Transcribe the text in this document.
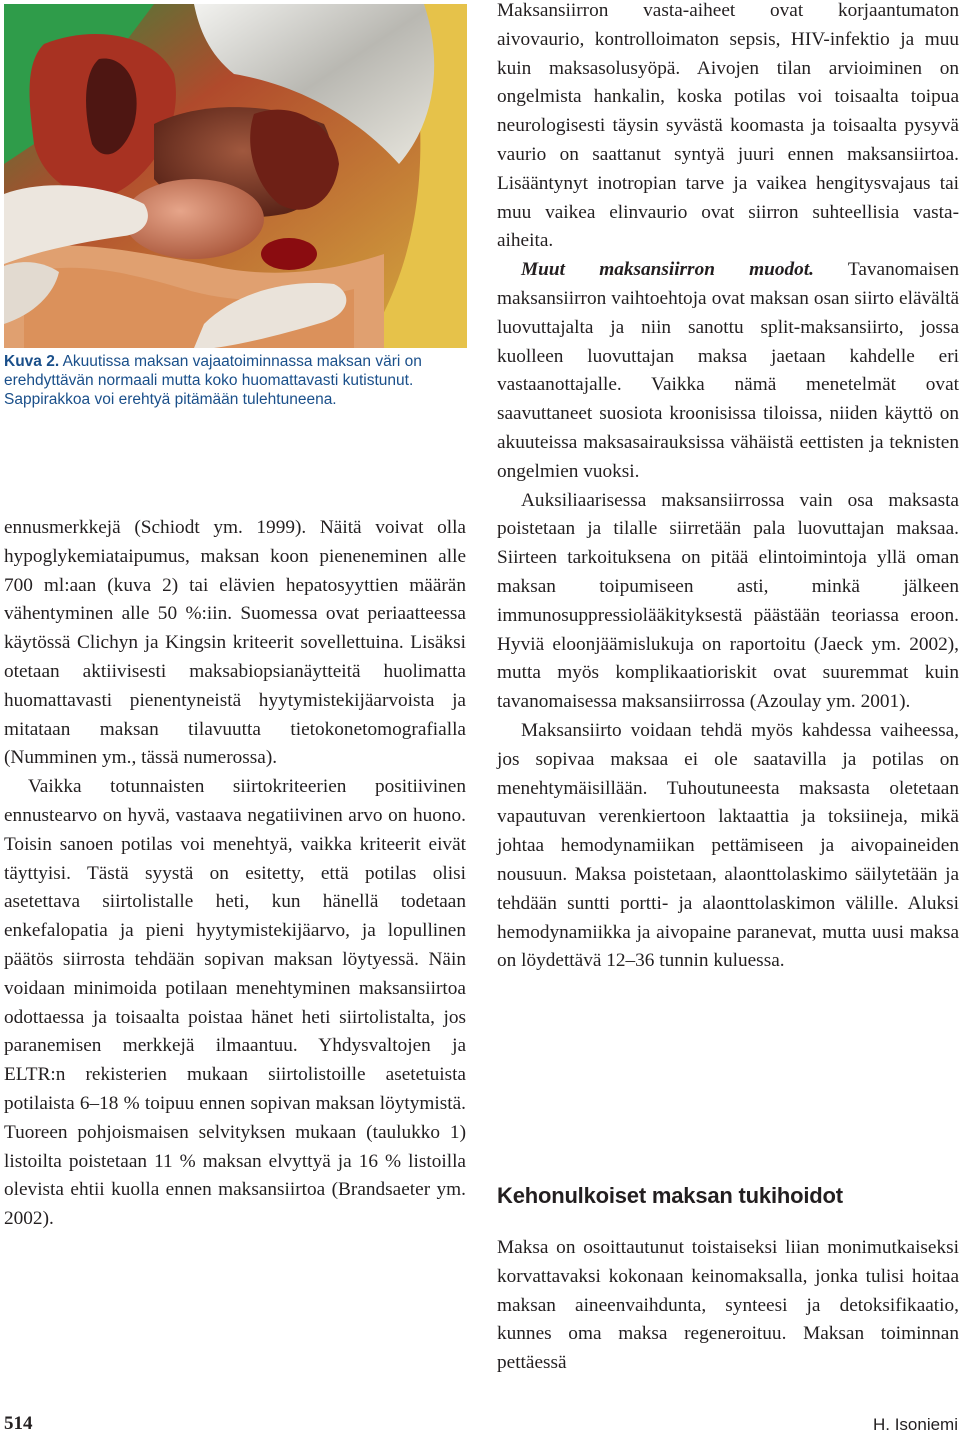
Kuva 2. Akuutissa maksan vajaatoiminnassa maksan väri on erehdyttävän normaali mutta koko huomattavasti kutistunut. Sappirakkoa voi erehtyä pitämään tulehtuneena.

ennusmerkkejä (Schiodt ym. 1999). Näitä voivat olla hypoglykemiataipumus, maksan koon pieneneminen alle 700 ml:aan (kuva 2) tai elävien hepatosyyttien määrän vähentyminen alle 50 %:iin. Suomessa ovat periaatteessa käytössä Clichyn ja Kingsin kriteerit sovellettuina. Lisäksi otetaan aktiivisesti maksabiopsianäytteitä huolimatta huomattavasti pienentyneistä hyytymistekijäarvoista ja mitataan maksan tilavuutta tietokonetomografialla (Numminen ym., tässä numerossa).

Vaikka totunnaisten siirtokriteerien positiivinen ennustearvo on hyvä, vastaava negatiivinen arvo on huono. Toisin sanoen potilas voi menehtyä, vaikka kriteerit eivät täyttyisi. Tästä syystä on esitetty, että potilas olisi asetettava siirtolistalle heti, kun hänellä todetaan enkefalopatia ja pieni hyytymistekijäarvo, ja lopullinen päätös siirrosta tehdään sopivan maksan löytyessä. Näin voidaan minimoida potilaan menehtyminen maksansiirtoa odottaessa ja toisaalta poistaa hänet heti siirtolistalta, jos paranemisen merkkejä ilmaantuu. Yhdysvaltojen ja ELTR:n rekisterien mukaan siirtolistoille asetetuista potilaista 6–18 % toipuu ennen sopivan maksan löytymistä. Tuoreen pohjoismaisen selvityksen mukaan (taulukko 1) listoilta poistetaan 11 % maksan elvyttyä ja 16 % listoilla olevista ehtii kuolla ennen maksansiirtoa (Brandsaeter ym. 2002).

Maksansiirron vasta-aiheet ovat korjaantumaton aivovaurio, kontrolloimaton sepsis, HIV-infektio ja muu kuin maksasolusyöpä. Aivojen tilan arvioiminen on ongelmista hankalin, koska potilas voi toisaalta toipua neurologisesti täysin syvästä koomasta ja toisaalta pysyvä vaurio on saattanut syntyä juuri ennen maksansiirtoa. Lisääntynyt inotropian tarve ja vaikea hengitysvajaus tai muu vaikea elinvaurio ovat siirron suhteellisia vasta-aiheita.

Muut maksansiirron muodot. Tavanomaisen maksansiirron vaihtoehtoja ovat maksan osan siirto elävältä luovuttajalta ja niin sanottu split-maksansiirto, jossa kuolleen luovuttajan maksa jaetaan kahdelle eri vastaanottajalle. Vaikka nämä menetelmät ovat saavuttaneet suosiota kroonisissa tiloissa, niiden käyttö on akuuteissa maksasairauksissa vähäistä eettisten ja teknisten ongelmien vuoksi.

Auksiliaarisessa maksansiirrossa vain osa maksasta poistetaan ja tilalle siirretään pala luovuttajan maksaa. Siirteen tarkoituksena on pitää elintoimintoja yllä oman maksan toipumiseen asti, minkä jälkeen immunosuppressiolääkityksestä päästään teoriassa eroon. Hyviä eloonjäämislukuja on raportoitu (Jaeck ym. 2002), mutta myös komplikaatioriskit ovat suuremmat kuin tavanomaisessa maksansiirrossa (Azoulay ym. 2001).

Maksansiirto voidaan tehdä myös kahdessa vaiheessa, jos sopivaa maksaa ei ole saatavilla ja potilas on menehtymäisillään. Tuhoutuneesta maksasta oletetaan vapautuvan verenkiertoon laktaattia ja toksiineja, mikä johtaa hemodynamiikan pettämiseen ja aivopaineiden nousuun. Maksa poistetaan, alaonttolaskimo säilytetään ja tehdään suntti portti- ja alaonttolaskimon välille. Aluksi hemodynamiikka ja aivopaine paranevat, mutta uusi maksa on löydettävä 12–36 tunnin kuluessa.

Kehonulkoiset maksan tukihoidot

Maksa on osoittautunut toistaiseksi liian monimutkaiseksi korvattavaksi kokonaan keinomaksalla, jonka tulisi hoitaa maksan aineenvaihdunta, synteesi ja detoksifikaatio, kunnes oma maksa regeneroituu. Maksan toiminnan pettäessä

514	H. Isoniemi
